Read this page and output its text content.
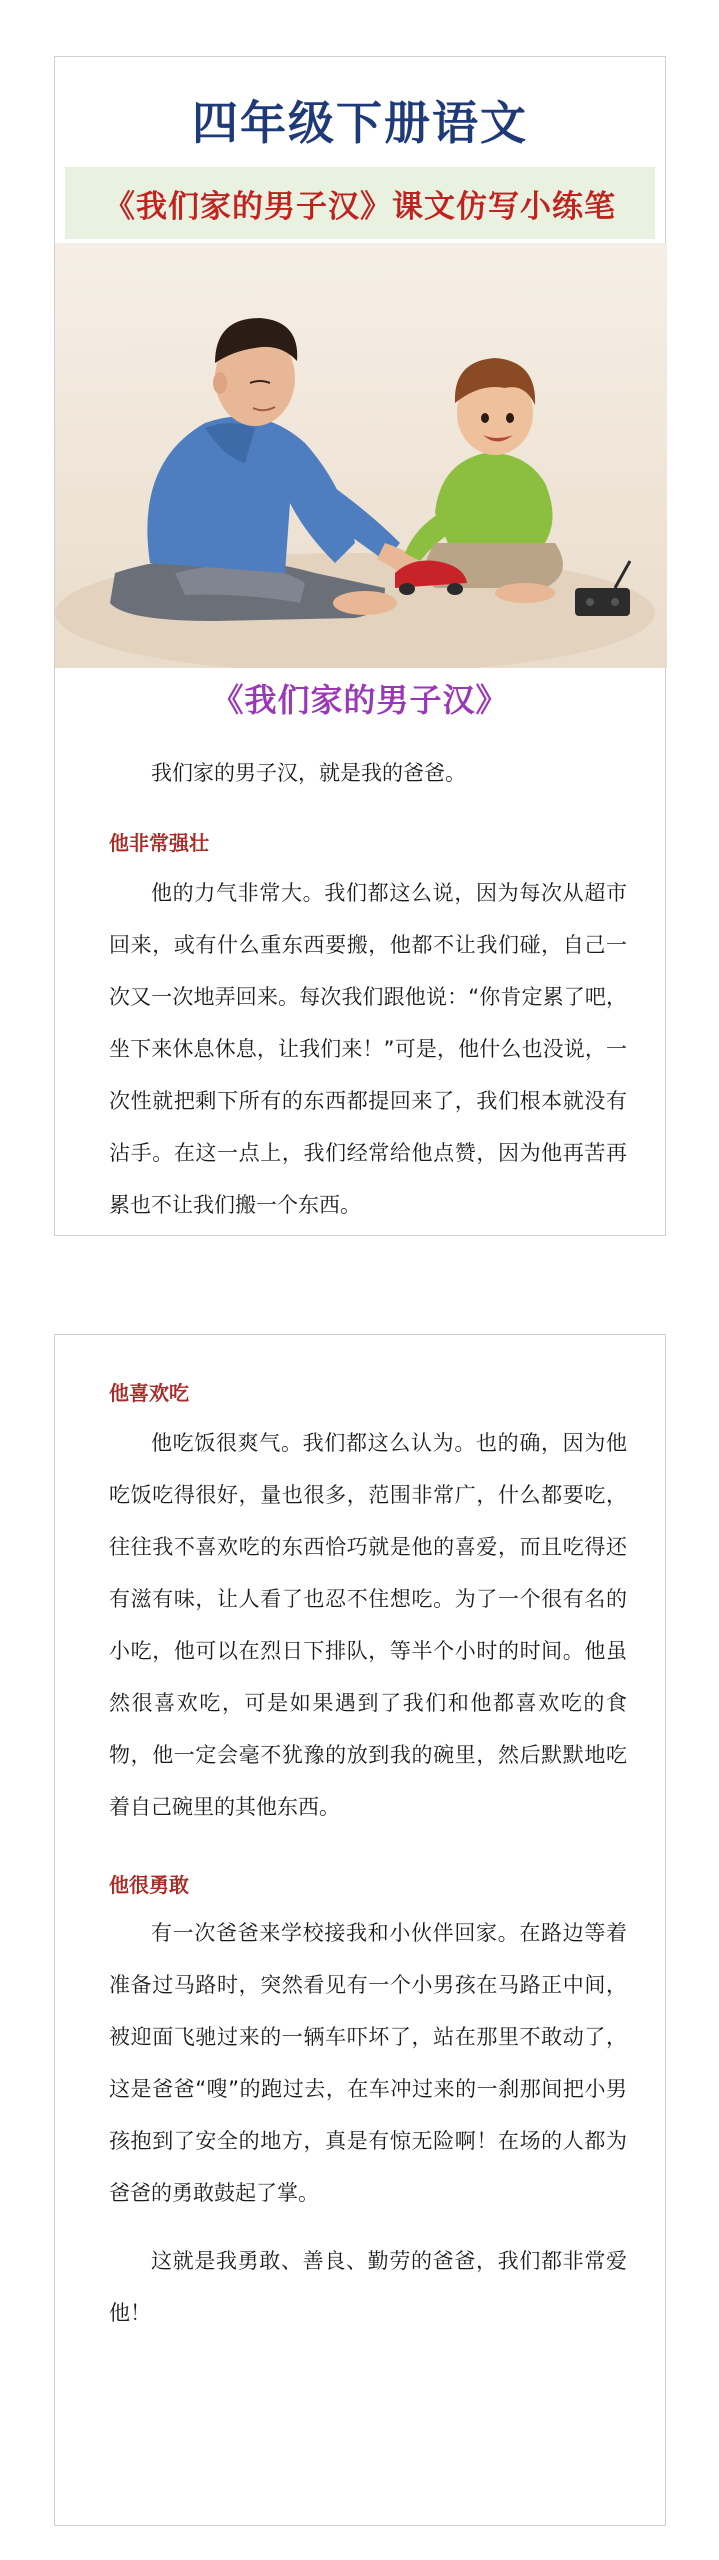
四年级下册语文
《我们家的男子汉》课文仿写小练笔
《我们家的男子汉》
我们家的男子汉，就是我的爸爸。
他非常强壮
他的力气非常大。我们都这么说，因为每次从超市回来，或有什么重东西要搬，他都不让我们碰，自己一次又一次地弄回来。每次我们跟他说：“你肯定累了吧，坐下来休息休息，让我们来！”可是，他什么也没说，一次性就把剩下所有的东西都提回来了，我们根本就没有沾手。在这一点上，我们经常给他点赞，因为他再苦再累也不让我们搬一个东西。
他喜欢吃
他吃饭很爽气。我们都这么认为。也的确，因为他吃饭吃得很好，量也很多，范围非常广，什么都要吃，往往我不喜欢吃的东西恰巧就是他的喜爱，而且吃得还有滋有味，让人看了也忍不住想吃。为了一个很有名的小吃，他可以在烈日下排队，等半个小时的时间。他虽然很喜欢吃，可是如果遇到了我们和他都喜欢吃的食物，他一定会毫不犹豫的放到我的碗里，然后默默地吃着自己碗里的其他东西。
他很勇敢
有一次爸爸来学校接我和小伙伴回家。在路边等着准备过马路时，突然看见有一个小男孩在马路正中间，被迎面飞驰过来的一辆车吓坏了，站在那里不敢动了，这是爸爸“嗖”的跑过去，在车冲过来的一刹那间把小男孩抱到了安全的地方，真是有惊无险啊！在场的人都为爸爸的勇敢鼓起了掌。
这就是我勇敢、善良、勤劳的爸爸，我们都非常爱他！
